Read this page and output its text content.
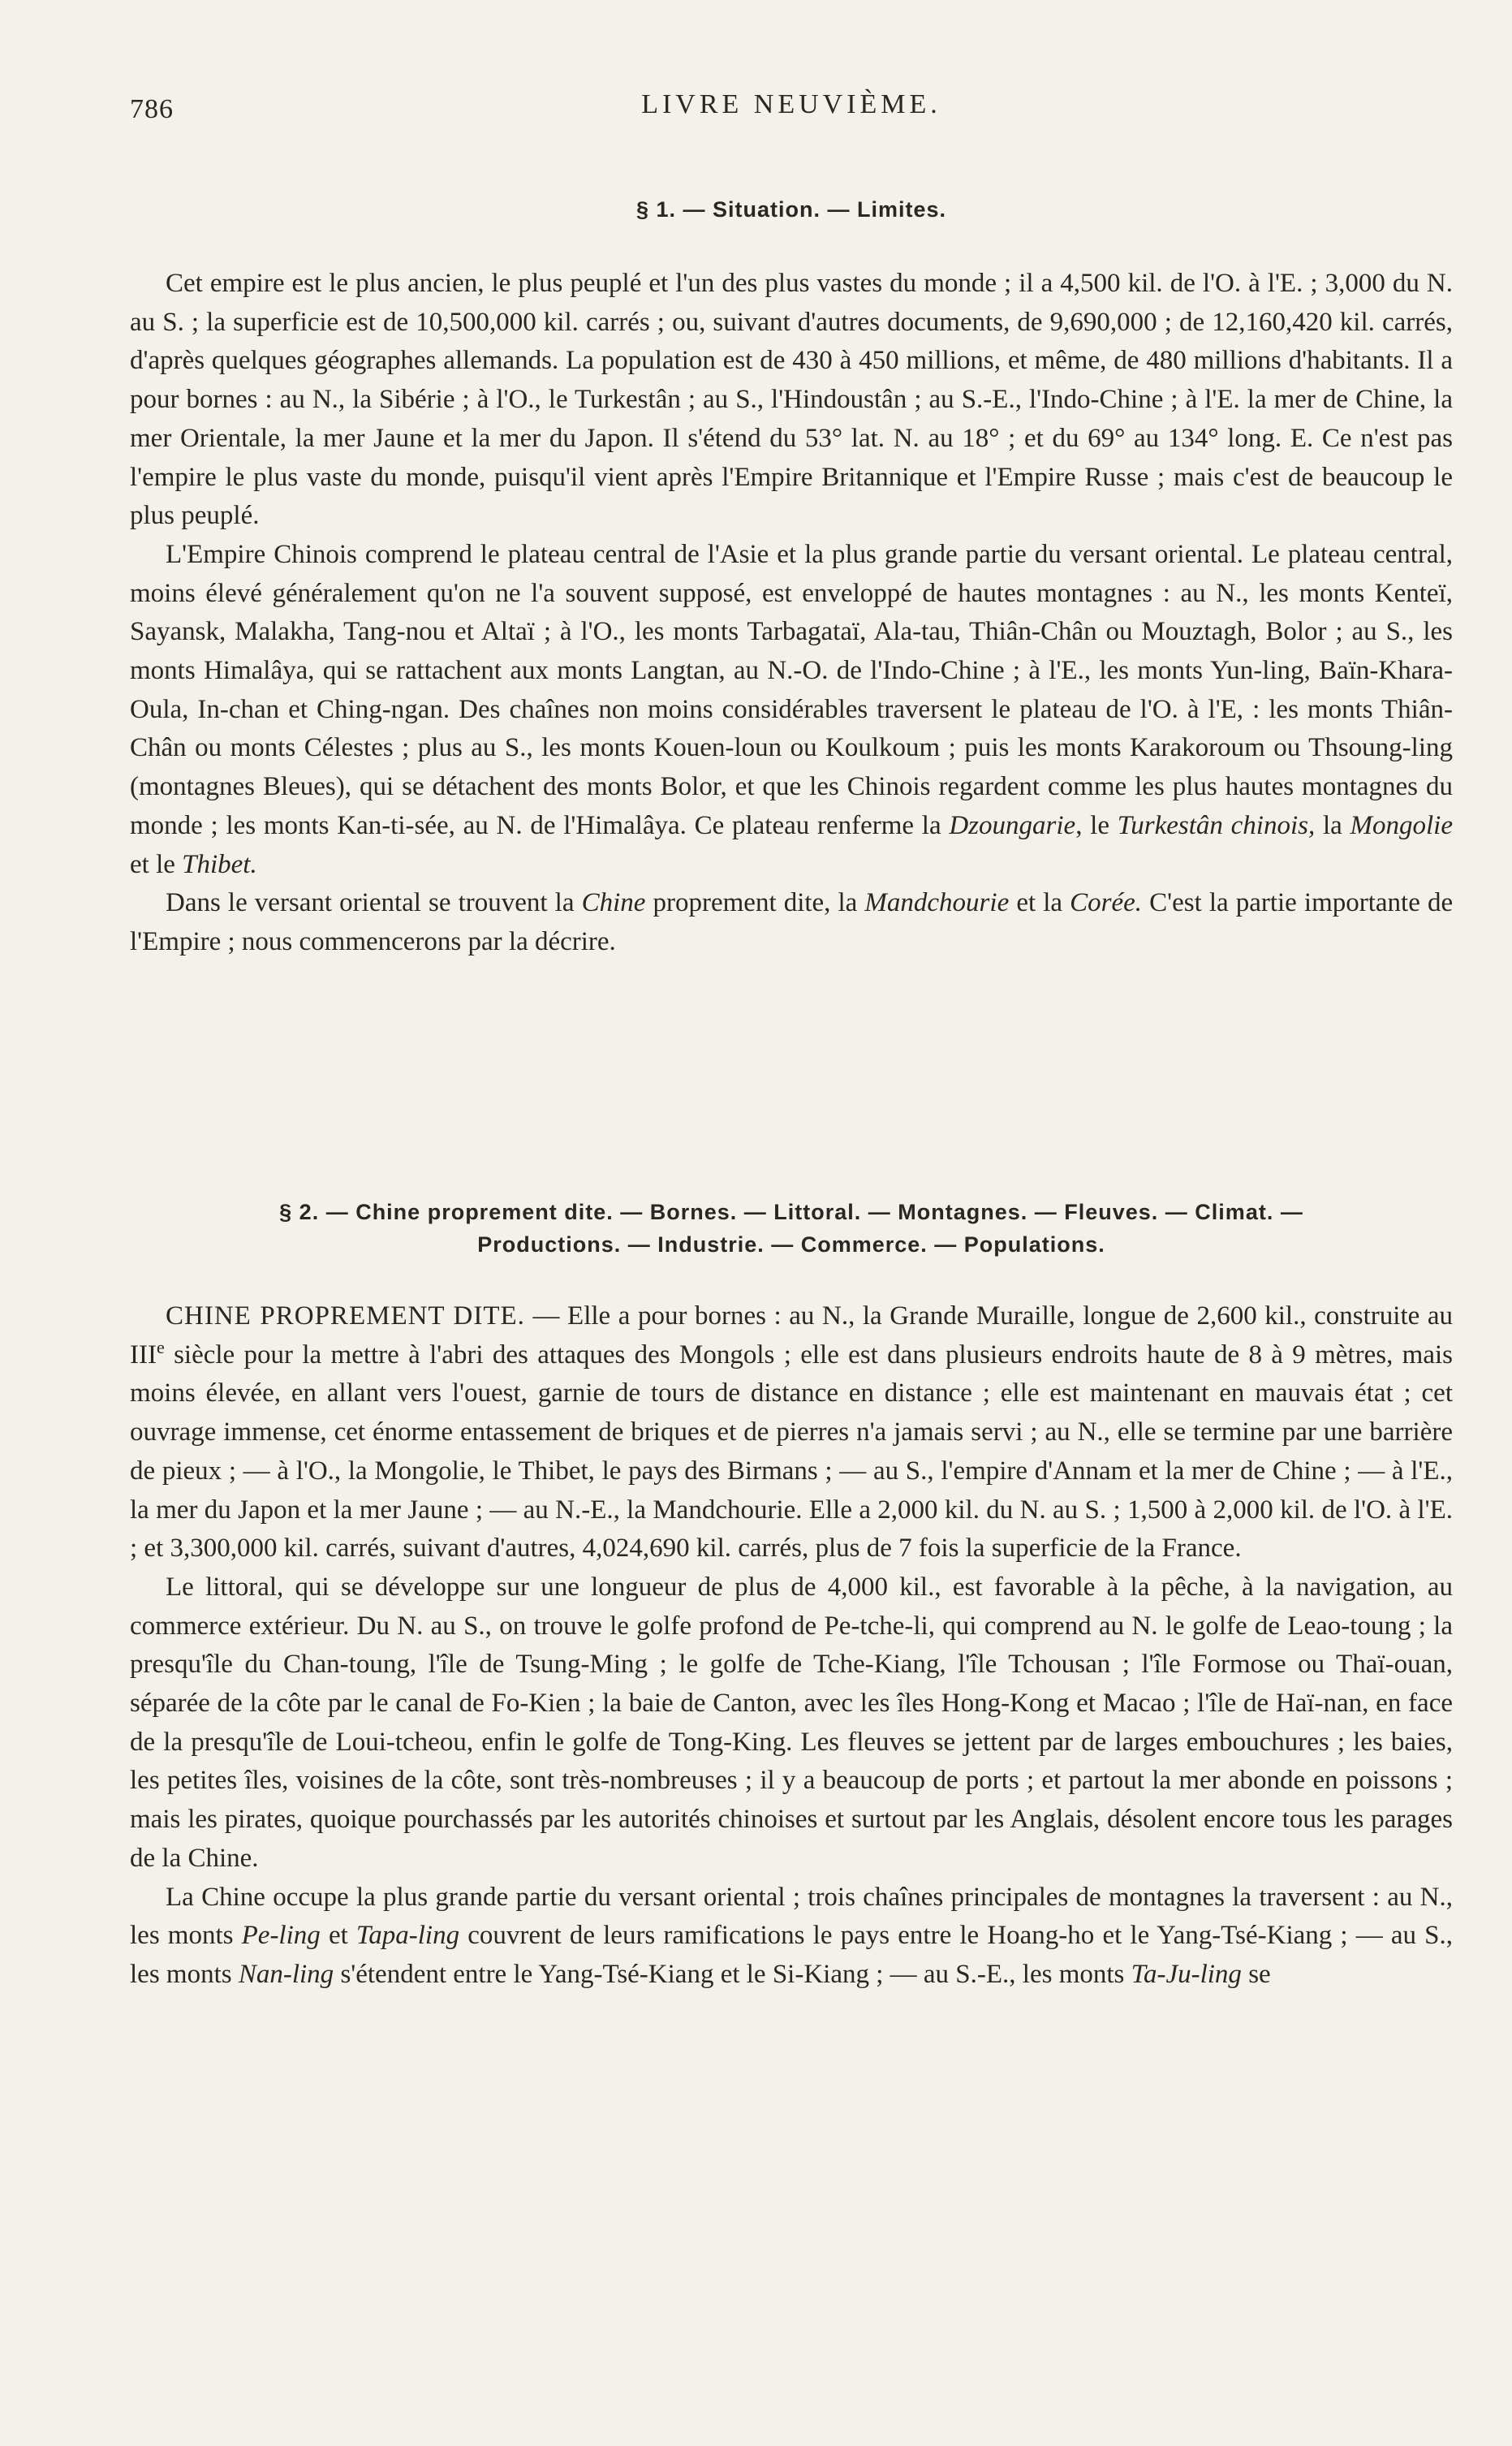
786	LIVRE NEUVIÈME.
§ 1. — Situation. — Limites.

Cet empire est le plus ancien, le plus peuplé et l'un des plus vastes du monde ; il a 4,500 kil. de l'O. à l'E. ; 3,000 du N. au S. ; la superficie est de 10,500,000 kil. carrés ; ou, suivant d'autres documents, de 9,690,000 ; de 12,160,420 kil. carrés, d'après quelques géographes allemands. La population est de 430 à 450 millions, et même, de 480 millions d'habitants. Il a pour bornes : au N., la Sibérie ; à l'O., le Turkestân ; au S., l'Hindoustân ; au S.-E., l'Indo-Chine ; à l'E. la mer de Chine, la mer Orientale, la mer Jaune et la mer du Japon. Il s'étend du 53° lat. N. au 18° ; et du 69° au 134° long. E. Ce n'est pas l'empire le plus vaste du monde, puisqu'il vient après l'Empire Britannique et l'Empire Russe ; mais c'est de beaucoup le plus peuplé.

L'Empire Chinois comprend le plateau central de l'Asie et la plus grande partie du versant oriental. Le plateau central, moins élevé généralement qu'on ne l'a souvent supposé, est enveloppé de hautes montagnes : au N., les monts Kenteï, Sayansk, Malakha, Tang-nou et Altaï ; à l'O., les monts Tarbagataï, Ala-tau, Thiân-Chân ou Mouztagh, Bolor ; au S., les monts Himalâya, qui se rattachent aux monts Langtan, au N.-O. de l'Indo-Chine ; à l'E., les monts Yun-ling, Baïn-Khara-Oula, In-chan et Ching-ngan. Des chaînes non moins considérables traversent le plateau de l'O. à l'E, : les monts Thiân-Chân ou monts Célestes ; plus au S., les monts Kouen-loun ou Koulkoum ; puis les monts Karakoroum ou Thsoung-ling (montagnes Bleues), qui se détachent des monts Bolor, et que les Chinois regardent comme les plus hautes montagnes du monde ; les monts Kan-ti-sée, au N. de l'Himalâya. Ce plateau renferme la Dzoungarie, le Turkestân chinois, la Mongolie et le Thibet.

Dans le versant oriental se trouvent la Chine proprement dite, la Mandchourie et la Corée. C'est la partie importante de l'Empire ; nous commencerons par la décrire.

§ 2. — Chine proprement dite. — Bornes. — Littoral. — Montagnes. — Fleuves. — Climat. —
Productions. — Industrie. — Commerce. — Populations.

CHINE PROPREMENT DITE. — Elle a pour bornes : au N., la Grande Muraille, longue de 2,600 kil., construite au IIIe siècle pour la mettre à l'abri des attaques des Mongols ; elle est dans plusieurs endroits haute de 8 à 9 mètres, mais moins élevée, en allant vers l'ouest, garnie de tours de distance en distance ; elle est maintenant en mauvais état ; cet ouvrage immense, cet énorme entassement de briques et de pierres n'a jamais servi ; au N., elle se termine par une barrière de pieux ; — à l'O., la Mongolie, le Thibet, le pays des Birmans ; — au S., l'empire d'Annam et la mer de Chine ; — à l'E., la mer du Japon et la mer Jaune ; — au N.-E., la Mandchourie. Elle a 2,000 kil. du N. au S. ; 1,500 à 2,000 kil. de l'O. à l'E. ; et 3,300,000 kil. carrés, suivant d'autres, 4,024,690 kil. carrés, plus de 7 fois la superficie de la France.

Le littoral, qui se développe sur une longueur de plus de 4,000 kil., est favorable à la pêche, à la navigation, au commerce extérieur. Du N. au S., on trouve le golfe profond de Pe-tche-li, qui comprend au N. le golfe de Leao-toung ; la presqu'île du Chan-toung, l'île de Tsung-Ming ; le golfe de Tche-Kiang, l'île Tchousan ; l'île Formose ou Thaï-ouan, séparée de la côte par le canal de Fo-Kien ; la baie de Canton, avec les îles Hong-Kong et Macao ; l'île de Haï-nan, en face de la presqu'île de Loui-tcheou, enfin le golfe de Tong-King. Les fleuves se jettent par de larges embouchures ; les baies, les petites îles, voisines de la côte, sont très-nombreuses ; il y a beaucoup de ports ; et partout la mer abonde en poissons ; mais les pirates, quoique pourchassés par les autorités chinoises et surtout par les Anglais, désolent encore tous les parages de la Chine.

La Chine occupe la plus grande partie du versant oriental ; trois chaînes principales de montagnes la traversent : au N., les monts Pe-ling et Tapa-ling couvrent de leurs ramifications le pays entre le Hoang-ho et le Yang-Tsé-Kiang ; — au S., les monts Nan-ling s'étendent entre le Yang-Tsé-Kiang et le Si-Kiang ; — au S.-E., les monts Ta-Ju-ling se
